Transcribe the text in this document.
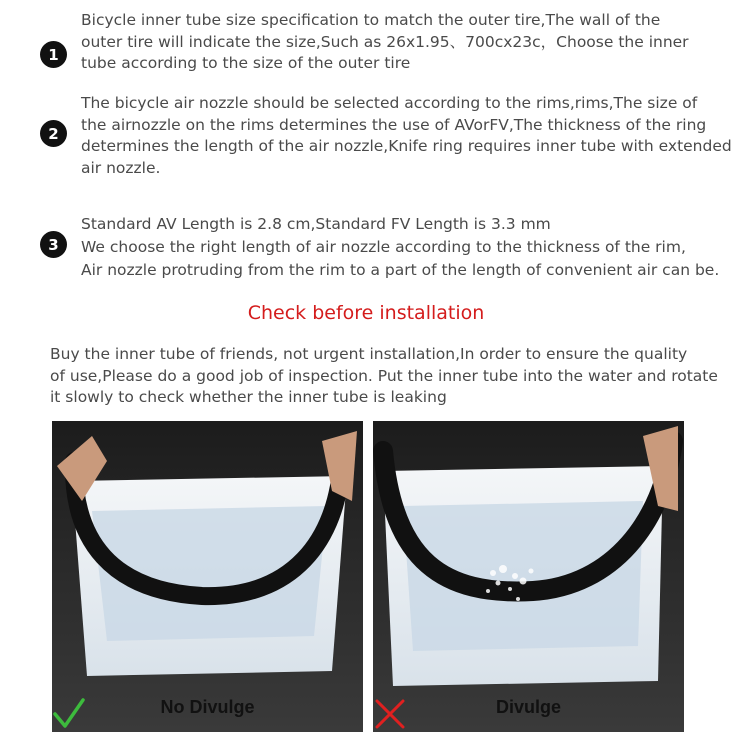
1
Bicycle inner tube size specification to match the outer tire,The wall of the
outer tire will indicate the size,Such as 26x1.95、700cx23c，Choose the inner
tube according to the size of the outer tire
2
The bicycle air nozzle should be selected according to the rims,rims,The size of
the airnozzle on the rims determines the use of AVorFV,The thickness of the ring
determines the length of the air nozzle,Knife ring requires inner tube with extended
air nozzle.
3
Standard AV Length is 2.8 cm,Standard FV Length is 3.3 mm
We choose the right length of air nozzle according to the thickness of the rim,
Air nozzle protruding from the rim to a part of the length of convenient air can be.
Check before installation
Buy the inner tube of friends, not urgent installation,In order to ensure the quality
of use,Please do a good job of inspection. Put the inner tube into the water and rotate
it slowly to check whether the inner tube is leaking
No Divulge	Divulge
